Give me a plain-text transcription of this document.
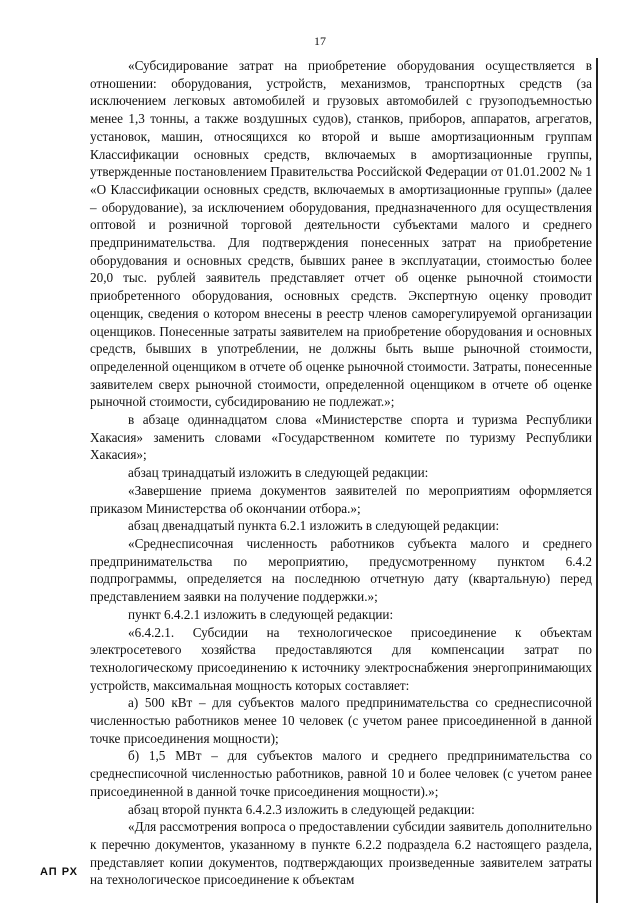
17

«Субсидирование затрат на приобретение оборудования осуществляется в отношении: оборудования, устройств, механизмов, транспортных средств (за исключением легковых автомобилей и грузовых автомобилей с грузоподъемностью менее 1,3 тонны, а также воздушных судов), станков, приборов, аппаратов, агрегатов, установок, машин, относящихся ко второй и выше амортизационным группам Классификации основных средств, включаемых в амортизационные группы, утвержденные постановлением Правительства Российской Федерации от 01.01.2002 № 1 «О Классификации основных средств, включаемых в амортизационные группы» (далее – оборудование), за исключением оборудования, предназначенного для осуществления оптовой и розничной торговой деятельности субъектами малого и среднего предпринимательства. Для подтверждения понесенных затрат на приобретение оборудования и основных средств, бывших ранее в эксплуатации, стоимостью более 20,0 тыс. рублей заявитель представляет отчет об оценке рыночной стоимости приобретенного оборудования, основных средств. Экспертную оценку проводит оценщик, сведения о котором внесены в реестр членов саморегулируемой организации оценщиков. Понесенные затраты заявителем на приобретение оборудования и основных средств, бывших в употреблении, не должны быть выше рыночной стоимости, определенной оценщиком в отчете об оценке рыночной стоимости. Затраты, понесенные заявителем сверх рыночной стоимости, определенной оценщиком в отчете об оценке рыночной стоимости, субсидированию не подлежат.»;

в абзаце одиннадцатом слова «Министерстве спорта и туризма Республики Хакасия» заменить словами «Государственном комитете по туризму Республики Хакасия»;

абзац тринадцатый изложить в следующей редакции:

«Завершение приема документов заявителей по мероприятиям оформляется приказом Министерства об окончании отбора.»;

абзац двенадцатый пункта 6.2.1 изложить в следующей редакции:

«Среднесписочная численность работников субъекта малого и среднего предпринимательства по мероприятию, предусмотренному пунктом 6.4.2 подпрограммы, определяется на последнюю отчетную дату (квартальную) перед представлением заявки на получение поддержки.»;

пункт 6.4.2.1 изложить в следующей редакции:

«6.4.2.1. Субсидии на технологическое присоединение к объектам электросетевого хозяйства предоставляются для компенсации затрат по технологическому присоединению к источнику электроснабжения энергопринимающих устройств, максимальная мощность которых составляет:

а) 500 кВт – для субъектов малого предпринимательства со среднесписочной численностью работников менее 10 человек (с учетом ранее присоединенной в данной точке присоединения мощности);

б) 1,5 МВт – для субъектов малого и среднего предпринимательства со среднесписочной численностью работников, равной 10 и более человек (с учетом ранее присоединенной в данной точке присоединения мощности).»;

абзац второй пункта 6.4.2.3 изложить в следующей редакции:

«Для рассмотрения вопроса о предоставлении субсидии заявитель дополнительно к перечню документов, указанному в пункте 6.2.2 подраздела 6.2 настоящего раздела, представляет копии документов, подтверждающих произведенные заявителем затраты на технологическое присоединение к объектам

АП РХ
